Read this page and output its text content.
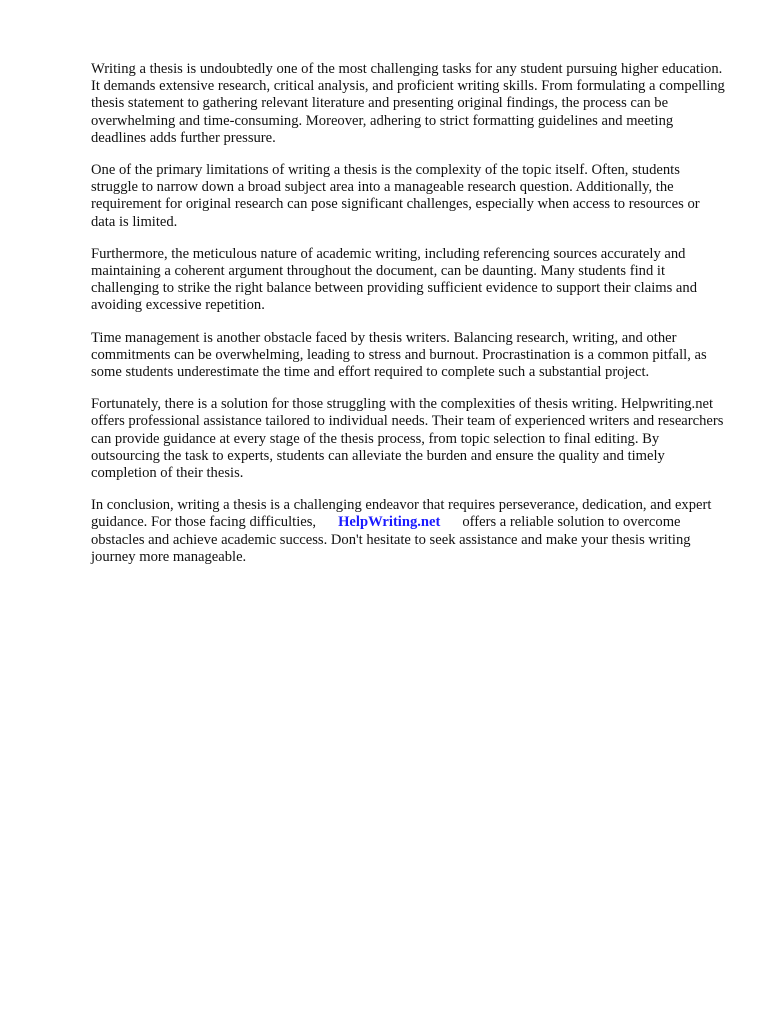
Writing a thesis is undoubtedly one of the most challenging tasks for any student pursuing higher education. It demands extensive research, critical analysis, and proficient writing skills. From formulating a compelling thesis statement to gathering relevant literature and presenting original findings, the process can be overwhelming and time-consuming. Moreover, adhering to strict formatting guidelines and meeting deadlines adds further pressure.

One of the primary limitations of writing a thesis is the complexity of the topic itself. Often, students struggle to narrow down a broad subject area into a manageable research question. Additionally, the requirement for original research can pose significant challenges, especially when access to resources or data is limited.

Furthermore, the meticulous nature of academic writing, including referencing sources accurately and maintaining a coherent argument throughout the document, can be daunting. Many students find it challenging to strike the right balance between providing sufficient evidence to support their claims and avoiding excessive repetition.

Time management is another obstacle faced by thesis writers. Balancing research, writing, and other commitments can be overwhelming, leading to stress and burnout. Procrastination is a common pitfall, as some students underestimate the time and effort required to complete such a substantial project.

Fortunately, there is a solution for those struggling with the complexities of thesis writing. Helpwriting.net offers professional assistance tailored to individual needs. Their team of experienced writers and researchers can provide guidance at every stage of the thesis process, from topic selection to final editing. By outsourcing the task to experts, students can alleviate the burden and ensure the quality and timely completion of their thesis.

In conclusion, writing a thesis is a challenging endeavor that requires perseverance, dedication, and expert guidance. For those facing difficulties, HelpWriting.net offers a reliable solution to overcome obstacles and achieve academic success. Don't hesitate to seek assistance and make your thesis writing journey more manageable.
